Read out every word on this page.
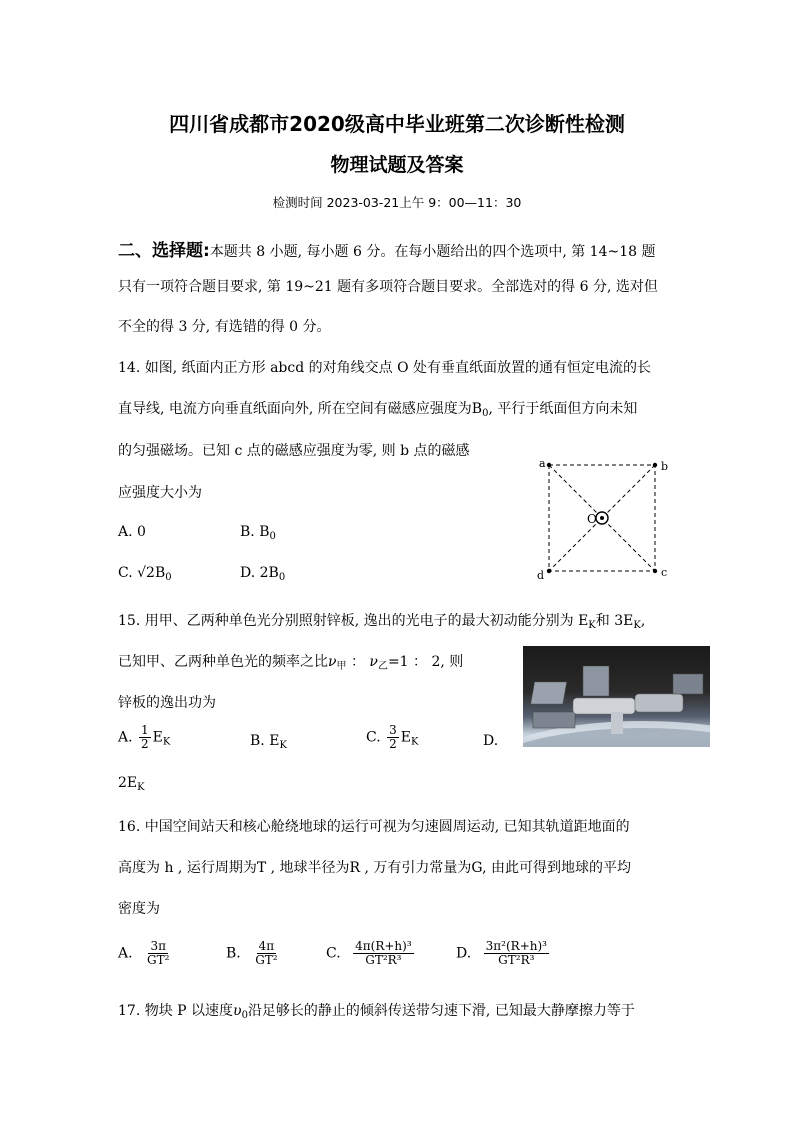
四川省成都市2020级高中毕业班第二次诊断性检测
物理试题及答案
检测时间 2023-03-21上午 9：00—11：30
二、选择题:本题共 8 小题, 每小题 6 分。在每小题给出的四个选项中, 第 14~18 题
只有一项符合题目要求, 第 19~21 题有多项符合题目要求。全部选对的得 6 分, 选对但
不全的得 3 分, 有选错的得 0 分。
14. 如图, 纸面内正方形 abcd 的对角线交点 O 处有垂直纸面放置的通有恒定电流的长
直导线, 电流方向垂直纸面向外, 所在空间有磁感应强度为$B_0$, 平行于纸面但方向未知
的匀强磁场。已知 c 点的磁感应强度为零, 则 b 点的磁感
应强度大小为
A. 0	B. $B_0$
C. $√2B_0$	D. $2B_0$
a	b
c
d
O
15. 用甲、乙两种单色光分别照射锌板, 逸出的光电子的最大初动能分别为 $E_K$和 $3E_K$,
已知甲、乙两种单色光的频率之比$\nu_甲$ ： $\nu_乙=1$ ： 2, 则
锌板的逸出功为
A. $\frac{1}{2} E_K$	B. $E_K$	C. $\frac{3}{2} E_K$	D.
$2E_K$
16. 中国空间站天和核心舱绕地球的运行可视为匀速圆周运动, 已知其轨道距地面的
高度为 h , 运行周期为T , 地球半径为R , 万有引力常量为G, 由此可得到地球的平均
密度为
A. $\frac{3\pi}{\text{GT²}}$	B. $\frac{4\pi}{\text{GT²}}$	C. $\frac{\text{4π(R+h)³}}{\text{GT²R³}}$	D. $\frac{\text{3π²(R+h)³}}{\text{GT²R³}}$
17. 物块 P 以速度$\upsilon_0$沿足够长的静止的倾斜传送带匀速下滑, 已知最大静摩擦力等于
